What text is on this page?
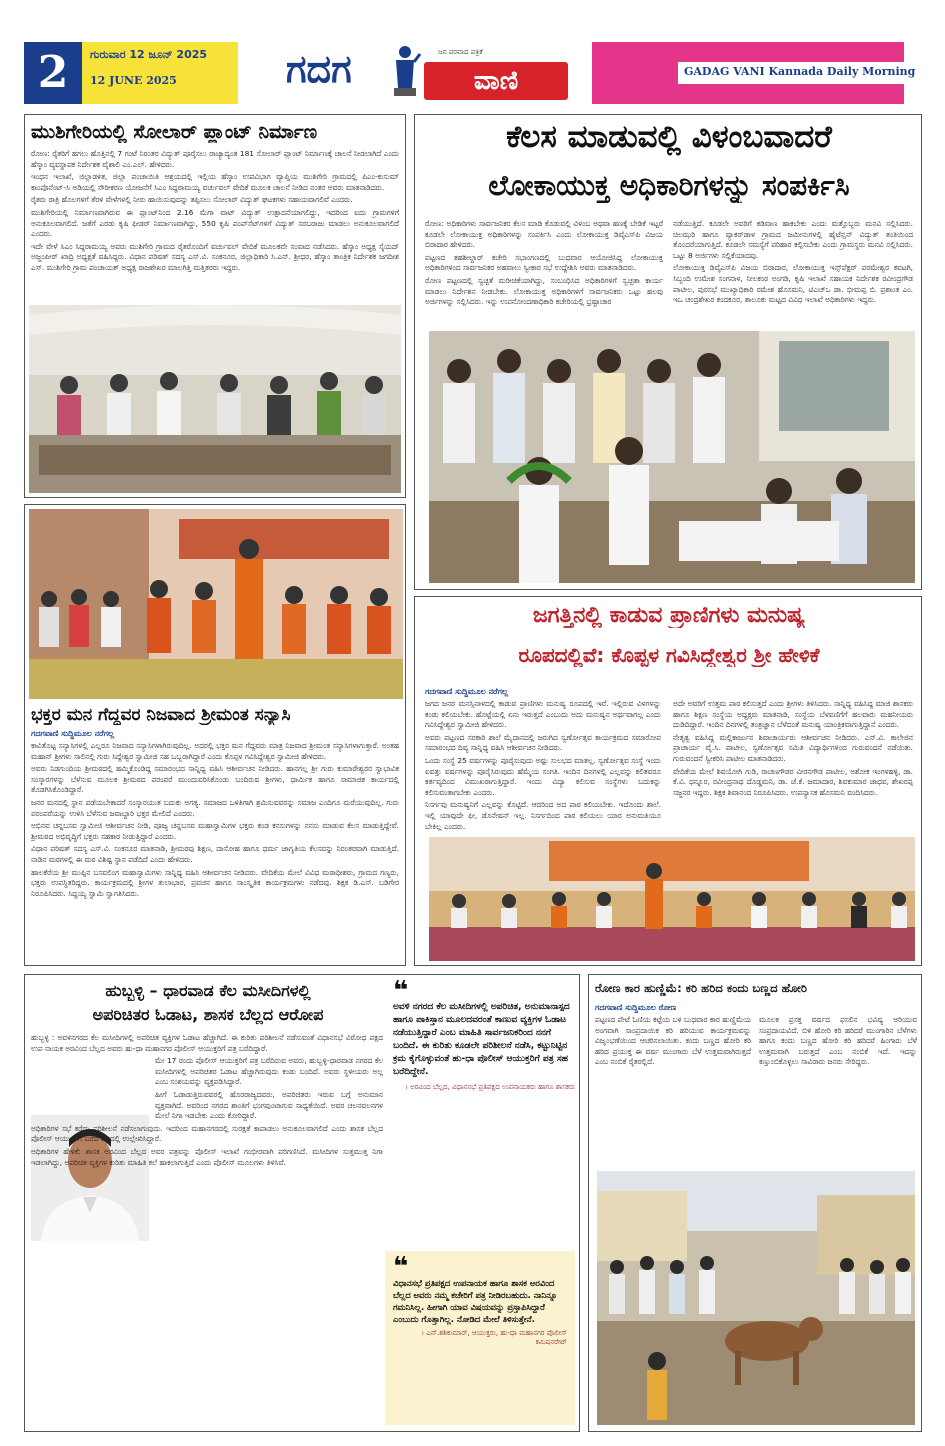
2	ಗುರುವಾರ 12 ಜೂನ್ 2025
12 JUNE 2025	ಗದಗ	ಜನ ಪರವಾದ ಪತ್ರಿಕೆ
ವಾಣಿ	GADAG VANI Kannada Daily Morning
ಮುಶಿಗೇರಿಯಲ್ಲಿ ಸೋಲಾರ್ ಪ್ಲಾಂಟ್ ನಿರ್ಮಾಣ

ರೋಣ: ರೈತರಿಗೆ ಹಗಲು ಹೊತ್ತಿನಲ್ಲಿ 7 ಗಂಟೆ ನಿರಂತರ ವಿದ್ಯುತ್ ಪೂರೈಸಲು ರಾಜ್ಯಾದ್ಯಂತ 181 ಸೋಲಾರ್ ಪ್ಲಾಂಟ್ ನಿರ್ಮಾಣಕ್ಕೆ ಚಾಲನೆ ನೀಡಲಾಗಿದೆ ಎಂದು ಹೆಸ್ಕಾಂ ವ್ಯವಸ್ಥಾಪಕ ನಿರ್ದೇಶಕ ವೈಶಾಲಿ ಎಂ.ಎಲ್. ಹೇಳಿದರು.

ಇಂಧನ ಇಲಾಖೆ, ಜಿಲ್ಲಾಡಳಿತ, ಜಿಲ್ಲಾ ಪಂಚಾಯಿತಿ ಆಶ್ರಯದಲ್ಲಿ ಇಲ್ಲಿಯ ಹೆಸ್ಕಾಂ ಉಪವಿಭಾಗ ವ್ಯಾಪ್ತಿಯ ಮುಶಿಗೇರಿ ಗ್ರಾಮದಲ್ಲಿ ಪಿಎಂ-ಕುಸುಮ್ ಕಾಂಪೊನೆಂಟ್-ಸಿ ಅಡಿಯಲ್ಲಿ ಸೌರೀಕರಣ ಯೋಜನೆಗೆ ಸಿಎಂ ಸಿದ್ದರಾಮಯ್ಯ ವರ್ಚುವಲ್ ವೇದಿಕೆ ಮೂಲಕ ಚಾಲನೆ ನೀಡಿದ ನಂತರ ಅವರು ಮಾತನಾಡಿದರು.

ರೈತರು ರಾತ್ರಿ ಹೊಲಗಳಿಗೆ ತೆರಳಿ ವೇಳೆಗಳಲ್ಲಿ ನೀರು ಹಾಯಿಸುವುದನ್ನು ತಪ್ಪಿಸಲು ಸೋಲಾರ್ ವಿದ್ಯುತ್ ಘಟಕಗಳು ಸಹಾಯವಾಗಲಿವೆ ಎಂದರು.

ಮುಶಿಗೇರಿಯಲ್ಲಿ ನಿರ್ಮಾಣವಾಗಿರುವ ಈ ಪ್ಲಾಂಟ್‌ನಿಂದ 2.16 ಮೆಗಾ ವಾಟ್ ವಿದ್ಯುತ್ ಉತ್ಪಾದನೆಯಾಗಲಿದ್ದು, ಇದರಿಂದ ಐದು ಗ್ರಾಮಗಳಿಗೆ ಅನುಕೂಲವಾಗಲಿದೆ. ಜತೆಗೆ ಎರಡು ಕೃಷಿ ಫೀಡರ್ ನಿರ್ಮಾಣವಾಗಿದ್ದು, 550 ಕೃಷಿ ಪಂಪ್‌ಸೆಟ್‌ಗಳಿಗೆ ವಿದ್ಯುತ್ ಸರಬರಾಜು ಮಾಡಲು ಅನುಕೂಲವಾಗಲಿದೆ ಎಂದರು.

ಇದೇ ವೇಳೆ ಸಿಎಂ ಸಿದ್ದರಾಮಯ್ಯ ಅವರು ಮುಶಿಗೇರಿ ಗ್ರಾಮದ ರೈತರೊಂದಿಗೆ ವರ್ಚುವಲ್ ವೇದಿಕೆ ಮೂಲಕವೇ ಸಂವಾದ ನಡೆಸಿದರು. ಹೆಸ್ಕಾಂ ಅಧ್ಯಕ್ಷ ಸೈಯದ್ ಅಜ್ಜಂಪೀರ್ ಖಾದ್ರಿ ಅಧ್ಯಕ್ಷತೆ ವಹಿಸಿದ್ದರು. ವಿಧಾನ ಪರಿಷತ್ ಸದಸ್ಯ ಎಸ್.ವಿ. ಸಂಕನೂರ, ಜಿಲ್ಲಾಧಿಕಾರಿ ಸಿ.ಎನ್. ಶ್ರೀಧರ, ಹೆಸ್ಕಾಂ ತಾಂತ್ರಿಕ ನಿರ್ದೇಶಕ ಜಗದೀಶ ಎಸ್. ಮುಶಿಗೇರಿ ಗ್ರಾಮ ಪಂಚಾಯತ್ ಅಧ್ಯಕ್ಷ ರಾಜಶೇಖರ ಮಾಲಗಿತ್ತಿ ಮತ್ತಿತರರು ಇದ್ದರು.

ಕೆಲಸ ಮಾಡುವಲ್ಲಿ ವಿಳಂಬವಾದರೆ
ಲೋಕಾಯುಕ್ತ ಅಧಿಕಾರಿಗಳನ್ನು ಸಂಪರ್ಕಿಸಿ

ರೋಣ: ಅಧಿಕಾರಿಗಳು ಸಾರ್ವಜನಿಕರ ಕೆಲಸ ಮಾಡಿ ಕೊಡುವಲ್ಲಿ ವಿಳಂಬ ಅಥವಾ ಹಣಕ್ಕೆ ಬೇಡಿಕೆ ಇಟ್ಟರೆ ಕೂಡಲೇ ಲೋಕಾಯುಕ್ತ ಅಧಿಕಾರಿಗಳನ್ನು ಸಂಪರ್ಕಿಸಿ ಎಂದು ಲೋಕಾಯುಕ್ತ ಡಿವೈಎಸ್‌ಪಿ ವಿಜಯ ಬಿರಾದಾರ ಹೇಳಿದರು.

ಪಟ್ಟಣದ ತಹಶೀಲ್ದಾರ್ ಕಚೇರಿ ಸಭಾಂಗಣದಲ್ಲಿ ಬುಧವಾರ ಆಯೋಜಿಸಿದ್ದ ಲೋಕಾಯುಕ್ತ ಅಧಿಕಾರಿಗಳಿಂದ ಸಾರ್ವಜನಿಕರ ಅಹವಾಲು ಸ್ವೀಕಾರ ಸಭೆ ಉದ್ದೇಶಿಸಿ ಅವರು ಮಾತನಾಡಿದರು.

ರೋಣ ಪಟ್ಟಣದಲ್ಲಿ ಸ್ವಚ್ಛತೆ ಮರೀಚಿಕೆಯಾಗಿದ್ದು, ಸಂಬಂಧಿಸಿದ ಅಧಿಕಾರಿಗಳಿಗೆ ಸ್ವಚ್ಛತಾ ಕಾರ್ಯ ಮಾಡಲು ನಿರ್ದೇಶನ ನೀಡಬೇಕು. ಲೋಕಾಯುಕ್ತ ಅಧಿಕಾರಿಗಳಿಗೆ ಸಾರ್ವಜನಿಕರು ಒಟ್ಟು ಹಲವು ಅರ್ಜಿಗಳನ್ನು ಸಲ್ಲಿಸಿದರು. ಇನ್ನು ಉಪನೋಂದಣಾಧಿಕಾರಿ ಕಚೇರಿಯಲ್ಲಿ ಭ್ರಷ್ಟಾಚಾರ

ನಡೆಯುತ್ತಿದೆ. ಕೂಡಲೇ ಅವರಿಗೆ ಕಡಿವಾಣ ಹಾಕಬೇಕು ಎಂದು ಮತ್ತೊಬ್ಬರು ಮನವಿ ಸಲ್ಲಿಸಿದರು. ಚಿಲಝರಿ ಹಾಗೂ ವ್ಯಾಕರ್‌ಡಾಳ ಗ್ರಾಮದ ಜಮೀನುಗಳಲ್ಲಿ ಹೈಟೆನ್ಷನ್ ವಿದ್ಯುತ್ ತಂತಿಯಿಂದ ತೊಂದರೆಯಾಗುತ್ತಿದೆ. ಕೂಡಲೇ ಸಮಸ್ಯೆಗೆ ಪರಿಹಾರ ಕಲ್ಪಿಸಬೇಕು ಎಂದು ಗ್ರಾಮಸ್ಥರು ಮನವಿ ಸಲ್ಲಿಸಿದರು. ಒಟ್ಟು 8 ಅರ್ಜಿಗಳು ಸಲ್ಲಿಕೆಯಾದವು.

ಲೋಕಾಯುಕ್ತ ಡಿವೈಎಸ್‌ಪಿ ವಿಜಯ ಬಿರಾದಾರ, ಲೋಕಾಯುಕ್ತ ಇನ್ಸ್‌ಪೆಕ್ಟರ್ ಪರಮೇಶ್ವರ ಕವಟಗಿ, ಸಿಬ್ಬಂದಿ ಉಮೇಶ ಸಂಗನಾಳ, ನೀಲಕಂಠ ಅಂಗಡಿ, ಕೃಷಿ ಇಲಾಖೆ ಸಹಾಯಕ ನಿರ್ದೇಶಕ ರವೀಂದ್ರಗೌಡ ಪಾಟೀಲ, ಪುರಸಭೆ ಮುಖ್ಯಾಧಿಕಾರಿ ರಮೇಶ ಹೊಸಮನಿ, ಟಿಎಚ್‌ಒ ಡಾ. ಭೀಮಪ್ಪ ಬಿ. ಪ್ರಶಾಂತ ಎಂ. ಇಒ ಚಂದ್ರಶೇಖರ ಕಂದಕೂರ, ತಾಲೂಕು ಮಟ್ಟದ ವಿವಿಧ ಇಲಾಖೆ ಅಧಿಕಾರಿಗಳು ಇದ್ದರು.

ಭಕ್ತರ ಮನ ಗೆದ್ದವರ ನಿಜವಾದ ಶ್ರೀಮಂತ ಸನ್ಯಾಸಿ
ಗದಗವಾಣಿ ಸುದ್ದಿಮೂಲ ನರೆಗಲ್ಲ

ಕಾವಿತೊಟ್ಟ ಸನ್ಯಾಸಿಗಳಲ್ಲಿ ಎಲ್ಲರೂ ನಿಜವಾದ ಸನ್ಯಾಸಿಗಳಾಗಿರುವುದಿಲ್ಲ. ಅದರಲ್ಲಿ ಭಕ್ತರ ಮನ ಗೆದ್ದವರು ಮಾತ್ರ ನಿಜವಾದ ಶ್ರೀಮಂತ ಸನ್ಯಾಸಿಗಳಾಗುತ್ತಾರೆ. ಅಂತಹ ಮಹಾನ್ ಶ್ರೀಗಳು ಸಾಲಿನಲ್ಲಿ ಗುರು ಸಿದ್ದೇಶ್ವರ ಸ್ವಾಮೀಜಿ ಸಹ ಒಬ್ಬರಾಗಿದ್ದಾರೆ ಎಂದು ಕೊಪ್ಪಳ ಗವಿಸಿದ್ದೇಶ್ವರ ಸ್ವಾಮೀಜಿ ಹೇಳಿದರು.

ಅವರು ನಿಡಗುಂದಿಯ ಶ್ರೀಮಠದಲ್ಲಿ ಹಮ್ಮಿಕೊಂಡಿದ್ದ ಸಮಾರಂಭದ ಸಾನ್ನಿಧ್ಯ ವಹಿಸಿ ಆಶೀರ್ವಚನ ನೀಡಿದರು. ಹಾನಗಲ್ಲ ಶ್ರೀ ಗುರು ಕುಮಾರೇಶ್ವರರ ಸ್ವಾಭಾವಿಕ ಸಂಸ್ಕಾರಗಳನ್ನು ಬೆಳೆಸುವ ಮೂಲಕ ಶ್ರೀಮಠದ ಪರಂಪರೆ ಮುಂದುವರಿಸಿಕೊಂಡು ಬಂದಿರುವ ಶ್ರೀಗಳು, ಧಾರ್ಮಿಕ ಹಾಗೂ ಸಾಮಾಜಿಕ ಕಾರ್ಯದಲ್ಲಿ ತೊಡಗಿಸಿಕೊಂಡಿದ್ದಾರೆ.

ಜನರ ಮನದಲ್ಲಿ ಸ್ಥಾನ ಪಡೆಯಬೇಕಾದರೆ ಸಂಸ್ಕಾರಯುತ ಬದುಕು ಅಗತ್ಯ. ಸಮಾಜದ ಒಳಿತಿಗಾಗಿ ಶ್ರಮಿಸುವವರನ್ನು ಸಮಾಜ ಎಂದಿಗೂ ಮರೆಯುವುದಿಲ್ಲ. ಗುರು ಪರಂಪರೆಯನ್ನು ಉಳಿಸಿ ಬೆಳೆಸುವ ಜವಾಬ್ದಾರಿ ಭಕ್ತರ ಮೇಲಿದೆ ಎಂದರು.

ಅಭಿನವ ಚನ್ನಬಸವ ಸ್ವಾಮೀಜಿ ಆಶೀರ್ವಚನ ನೀಡಿ, ಪೂಜ್ಯ ಚನ್ನಬಸವ ಮಹಾಸ್ವಾಮಿಗಳ ಭಕ್ತರು ಕಂಡ ಕನಸುಗಳನ್ನು ನನಸು ಮಾಡುವ ಕೆಲಸ ಮಾಡುತ್ತಿದ್ದೇವೆ. ಶ್ರೀಮಠದ ಅಭಿವೃದ್ಧಿಗೆ ಭಕ್ತರು ಸಹಕಾರ ನೀಡುತ್ತಿದ್ದಾರೆ ಎಂದರು.

ವಿಧಾನ ಪರಿಷತ್ ಸದಸ್ಯ ಎಸ್.ವಿ. ಸಂಕನೂರ ಮಾತನಾಡಿ, ಶ್ರೀಮಠವು ಶಿಕ್ಷಣ, ದಾಸೋಹ ಹಾಗೂ ಧರ್ಮ ಜಾಗೃತಿಯ ಕೆಲಸವನ್ನು ನಿರಂತರವಾಗಿ ಮಾಡುತ್ತಿದೆ. ನಾಡಿನ ಮಠಗಳಲ್ಲಿ ಈ ಮಠ ವಿಶಿಷ್ಟ ಸ್ಥಾನ ಪಡೆದಿದೆ ಎಂದು ಹೇಳಿದರು.

ಹಾಲಕೆರೆಯ ಶ್ರೀ ಮುಪ್ಪಿನ ಬಸವಲಿಂಗ ಮಹಾಸ್ವಾಮಿಗಳು ಸಾನ್ನಿಧ್ಯ ವಹಿಸಿ ಆಶೀರ್ವಚನ ನೀಡಿದರು. ವೇದಿಕೆಯ ಮೇಲೆ ವಿವಿಧ ಮಠಾಧೀಶರು, ಗ್ರಾಮದ ಗಣ್ಯರು, ಭಕ್ತರು ಉಪಸ್ಥಿತರಿದ್ದರು. ಕಾರ್ಯಕ್ರಮದಲ್ಲಿ ಶ್ರೀಗಳ ತುಲಾಭಾರ, ಪ್ರವಚನ ಹಾಗೂ ಸಾಂಸ್ಕೃತಿಕ ಕಾರ್ಯಕ್ರಮಗಳು ನಡೆದವು. ಶಿಕ್ಷಕ ಡಿ.ಎಸ್. ಬಡಿಗೇರ ನಿರೂಪಿಸಿದರು. ಸಿದ್ದಯ್ಯ ಸ್ವಾಮಿ ಸ್ವಾಗತಿಸಿದರು.

ಜಗತ್ತಿನಲ್ಲಿ ಕಾಡುವ ಪ್ರಾಣಿಗಳು ಮನುಷ್ಯ
ರೂಪದಲ್ಲಿವೆ: ಕೊಪ್ಪಳ ಗವಿಸಿದ್ದೇಶ್ವರ ಶ್ರೀ ಹೇಳಿಕೆ
ಗದಗವಾಣಿ ಸುದ್ದಿಮೂಲ ನರೆಗಲ್ಲ

ಜಗದ ಜನರ ಮನಸ್ಸಿನಾಳದಲ್ಲಿ ಕಾಡುವ ಪ್ರಾಣಿಗಳು ಮನುಷ್ಯ ರೂಪದಲ್ಲಿ ಇವೆ. ಇಲ್ಲಿರುವ ವಿಳಗಳನ್ನು ಕಂಡು ಕಲಿಯಬೇಕು. ಹೊಟ್ಟೆಯಲ್ಲಿ ಏನು ಇರುತ್ತದೆ ಎಂಬುದು ಅದು ಮನುಷ್ಯನ ಅರ್ಥವಾಗಲ್ಲ ಎಂದು ಗವಿಸಿದ್ದೇಶ್ವರ ಸ್ವಾಮೀಜಿ ಹೇಳಿದರು.

ಅವರು ಪಟ್ಟಣದ ಸರಕಾರಿ ಶಾಲೆ ಮೈದಾನದಲ್ಲಿ ಜರುಗಿದ ಸ್ವರ್ಣೋತ್ಸವ ಕಾರ್ಯಕ್ರಮದ ಸಮಾರೋಪ ಸಮಾರಂಭದ ದಿವ್ಯ ಸಾನ್ನಿಧ್ಯ ವಹಿಸಿ ಆಶೀರ್ವಚನ ನೀಡಿದರು.

ಒಂದು ಸಂಸ್ಥೆ 25 ವರ್ಷಗಳನ್ನು ಪೂರೈಸುವುದು ಅಷ್ಟು ಸುಲಭದ ಮಾತಲ್ಲ. ಸ್ವರ್ಣೋತ್ಸವ ಸಂಸ್ಥೆ ಇಂದು ಐವತ್ತು ವರ್ಷಗಳನ್ನು ಪೂರೈಸಿರುವುದು ಹೆಮ್ಮೆಯ ಸಂಗತಿ. ಇಂದಿನ ದಿನಗಳಲ್ಲಿ ಎಲ್ಲವನ್ನು ಕಲಿತವರೂ ಕರ್ತವ್ಯದಿಂದ ವಿಮುಖರಾಗುತ್ತಿದ್ದಾರೆ. ಇಂದು ವಿದ್ಯಾ ಕಲಿಸುವ ಸಂಸ್ಥೆಗಳು ಬದುಕನ್ನು ಕಲಿಸುವಂತಾಗಬೇಕು ಎಂದರು.

ನಿಸರ್ಗವು ಮನುಷ್ಯನಿಗೆ ಎಲ್ಲವನ್ನು ಕೊಟ್ಟಿದೆ. ಆದರಿಂದ ಅದ ಪಾಠ ಕಲಿಯಬೇಕು. ಇದೊಂದು ಶಾಲೆ. ಇಲ್ಲಿ ಯಾವುದೇ ಫೀ, ಡೊನೇಷನ್ ಇಲ್ಲ. ನಿಸರ್ಗದಿಂದ ಪಾಠ ಕಲಿಯಲು ಯಾರ ಅನುಮತಿಯೂ ಬೇಕಿಲ್ಲ ಎಂದರು.

ಅದೇ ಅವರಿಗೆ ಉತ್ತಮ ಪಾಠ ಕಲಿಸುತ್ತದೆ ಎಂದು ಶ್ರೀಗಳು ತಿಳಿಸಿದರು. ಸಾನ್ನಿಧ್ಯ ವಹಿಸಿದ್ದ ಮಾಜಿ ಶಾಸಕರು ಹಾಗೂ ಶಿಕ್ಷಣ ಸಂಸ್ಥೆಯ ಅಧ್ಯಕ್ಷರು ಮಾತನಾಡಿ, ಸಂಸ್ಥೆಯ ಬೆಳವಣಿಗೆಗೆ ಹಲವಾರು ಮಹನೀಯರು ದುಡಿದಿದ್ದಾರೆ. ಇಂದಿನ ದಿನಗಳಲ್ಲಿ ತಂತ್ರಜ್ಞಾನ ಬೆಳೆದಂತೆ ಮನುಷ್ಯ ಯಾಂತ್ರಿಕವಾಗುತ್ತಿದ್ದಾನೆ ಎಂದರು.

ನೇತೃತ್ವ ವಹಿಸಿದ್ದ ಮಲ್ಲಿಕಾರ್ಜುನ ಶಿವಾಚಾರ್ಯರು ಆಶೀರ್ವಚನ ನೀಡಿದರು. ಎಸ್.ವಿ. ಕಾಲೇಜಿನ ಪ್ರಾಚಾರ್ಯ ವೈ.ಸಿ. ಪಾಟೀಲ, ಸ್ವರ್ಣೋತ್ಸವ ಸಮಿತಿ ವಿದ್ಯಾರ್ಥಿಗಳಿಂದ ಗುರುವಂದನೆ ನಡೆಯಿತು. ಗುರುವಂದನೆ ಸ್ವೀಕರಿಸಿ ಪಾಟೀಲ ಮಾತನಾಡಿದರು.

ವೇದಿಕೆಯ ಮೇಲೆ ಶಿವಯೋಗಿ ಗುಡಿ, ರಾಚಣಗೌಡರ ವೀರನಗೌಡ ಪಾಟೀಲ, ಅಶೋಕ ಇಂಗಳಹಳ್ಳಿ, ಡಾ. ಕೆ.ವಿ. ಧನ್ನೂರ, ರವೀಂದ್ರನಾಥ ದೊಡ್ಡಮನಿ, ಡಾ. ಜೆ.ಕೆ. ಜಮಾದಾರ, ಶಿವಕುಮಾರ ಜಾಧವ, ಶೇಖರಪ್ಪ ಸಜ್ಜನರ ಇದ್ದರು. ಶಿಕ್ಷಕ ಶಿವಾನಂದ ನಿರೂಪಿಸಿದರು. ಉಪನ್ಯಾಸಕ ಹೊಸಮನಿ ವಂದಿಸಿದರು.

ಹುಬ್ಬಳ್ಳಿ – ಧಾರವಾಡ ಕೆಲ ಮಸೀದಿಗಳಲ್ಲಿ
ಅಪರಿಚಿತರ ಓಡಾಟ, ಶಾಸಕ ಬೆಲ್ಲದ ಆರೋಪ

ಹುಬ್ಬಳ್ಳಿ : ಅವಳಿನಗರದ ಕೆಲ ಮಸೀದಿಗಳಲ್ಲಿ ಅಪರಿಚಿತ ವ್ಯಕ್ತಿಗಳ ಓಡಾಟ ಹೆಚ್ಚಾಗಿದೆ. ಈ ಕುರಿತು ಪರಿಶೀಲನೆ ನಡೆಸುವಂತೆ ವಿಧಾನಸಭೆ ವಿರೋಧ ಪಕ್ಷದ ಉಪ ನಾಯಕ ಅರವಿಂದ ಬೆಲ್ಲದ ಅವರು ಹು-ಧಾ ಮಹಾನಗರ ಪೊಲೀಸ್ ಆಯುಕ್ತರಿಗೆ ಪತ್ರ ಬರೆದಿದ್ದಾರೆ.

ಮೇ 17 ರಂದು ಪೊಲೀಸ್ ಆಯುಕ್ತರಿಗೆ ಪತ್ರ ಬರೆದಿರುವ ಅವರು, ಹುಬ್ಬಳ್ಳಿ-ಧಾರವಾಡ ನಗರದ ಕೆಲ ಮಸೀದಿಗಳಲ್ಲಿ ಅಪರಿಚಿತರ ಓಡಾಟ ಹೆಚ್ಚಾಗಿರುವುದು ಕಂಡು ಬಂದಿದೆ. ಅವರು ಸ್ಥಳೀಯರು ಅಲ್ಲ ಎಂಬ ಸಂಶಯವನ್ನು ವ್ಯಕ್ತಪಡಿಸಿದ್ದಾರೆ.

ಹೀಗೆ ಓಡಾಡುತ್ತಿರುವವರಲ್ಲಿ ಹೊರರಾಜ್ಯದವರು, ಅಪರಿಚಿತರು ಇರುವ ಬಗ್ಗೆ ಅನುಮಾನ ವ್ಯಕ್ತವಾಗಿದೆ. ಅವರಿಂದ ನಗರದ ಶಾಂತಿಗೆ ಭಂಗವುಂಟಾಗುವ ಸಾಧ್ಯತೆಯಿದೆ. ಅವರ ಚಲನವಲನಗಳ ಮೇಲೆ ನಿಗಾ ಇಡಬೇಕು ಎಂದು ಕೋರಿದ್ದಾರೆ.

ಅಧಿಕಾರಿಗಳ ಸಭೆ ಕರೆದು ಪರಿಶೀಲನೆ ನಡೆಸಲಾಗುವುದು. ಇದರಿಂದ ಮಹಾನಗರದಲ್ಲಿ ಸುರಕ್ಷತೆ ಕಾಪಾಡಲು ಅನುಕೂಲವಾಗಲಿದೆ ಎಂದು ಶಾಸಕ ಬೆಲ್ಲದ ಪೊಲೀಸ್ ಆಯುಕ್ತರಿಗೆ ಬರೆದ ಪತ್ರದಲ್ಲಿ ಉಲ್ಲೇಖಿಸಿದ್ದಾರೆ.

ಅಧಿಕಾರಿಗಳ ಹೇಳಿಕೆ: ಶಾಸಕ ಅರವಿಂದ ಬೆಲ್ಲದ ಅವರ ಪತ್ರವನ್ನು ಪೊಲೀಸ್ ಇಲಾಖೆ ಗಂಭೀರವಾಗಿ ಪರಿಗಣಿಸಿದೆ. ಮಸೀದಿಗಳ ಸುತ್ತಮುತ್ತ ನಿಗಾ ಇಡಲಾಗಿದ್ದು, ಅಪರಿಚಿತ ವ್ಯಕ್ತಿಗಳ ಕುರಿತು ಮಾಹಿತಿ ಕಲೆ ಹಾಕಲಾಗುತ್ತಿದೆ ಎಂದು ಪೊಲೀಸ್ ಮೂಲಗಳು ತಿಳಿಸಿವೆ.

❝
ಅವಳಿ ನಗರದ ಕೆಲ ಮಸೀದಿಗಳಲ್ಲಿ ಅಪರಿಚಿತ, ಅನುಮಾನಾಸ್ಪದ ಹಾಗೂ ಪಾಕಿಸ್ತಾನ ಮೂಲದವರಂತೆ ಕಾಣುವ ವ್ಯಕ್ತಿಗಳ ಓಡಾಟ ನಡೆಯುತ್ತಿದ್ದಾರೆ ಎಂಬ ಮಾಹಿತಿ ಸಾರ್ವಜನಿಕರಿಂದ ನನಗೆ ಬಂದಿದೆ. ಈ ಕುರಿತು ಕೂಡಲೇ ಪರಿಶೀಲನೆ ನಡೆಸಿ, ಕಟ್ಟುನಿಟ್ಟಿನ ಕ್ರಮ ಕೈಗೊಳ್ಳುವಂತೆ ಹು-ಧಾ ಪೊಲೀಸ್ ಆಯುಕ್ತರಿಗೆ ಪತ್ರ ಸಹ ಬರೆದಿದ್ದೇನೆ.
। ಅರವಿಂದ ಬೆಲ್ಲದ, ವಿಧಾನಸಭೆ ಪ್ರತಿಪಕ್ಷದ ಉಪನಾಯಕರು ಹಾಗೂ ಶಾಸಕರು
❝
ವಿಧಾನಸಭೆ ಪ್ರತಿಪಕ್ಷದ ಉಪನಾಯಕ ಹಾಗೂ ಶಾಸಕ ಅರವಿಂದ ಬೆಲ್ಲದ ಅವರು ನಮ್ಮ ಕಚೇರಿಗೆ ಪತ್ರ ನೀಡಿರಬಹುದು. ನಾನಿನ್ನೂ ಗಮನಿಸಿಲ್ಲ. ಹೀಗಾಗಿ ಯಾವ ವಿಷಯವನ್ನು ಪ್ರಸ್ತಾಪಿಸಿದ್ದಾರೆ ಎಂಬುದು ಗೊತ್ತಾಗಿಲ್ಲ. ನೋಡಿದ ಮೇಲೆ ತಿಳಿಸುತ್ತೇನೆ.
। ಎನ್.ಶಶಿಕುಮಾರ್, ಆಯುಕ್ತರು, ಹು-ಧಾ ಮಹಾನಗರ ಪೊಲೀಸ್ ಕಮಿಷನರೇಟ್
ರೋಣ ಕಾರ ಹುಣ್ಣಿಮೆ: ಕರಿ ಹರಿದ ಕಂದು ಬಣ್ಣದ ಹೋರಿ
ಗದಗವಾಣಿ ಸುದ್ದಿಮೂಲ ರೋಣ

ಪಟ್ಟಣದ ಪೇಟೆ ಓಣಿಯ ಕಟ್ಟೆಯ ಬಳಿ ಬುಧವಾರ ಕಾರ ಹುಣ್ಣಿಮೆಯ ಅಂಗವಾಗಿ ಸಾಂಪ್ರದಾಯಿಕ ಕರಿ ಹರಿಯುವ ಕಾರ್ಯಕ್ರಮವನ್ನು ವಿಜೃಂಭಣೆಯಿಂದ ಆಚರಿಸಲಾಯಿತು. ಕಂದು ಬಣ್ಣದ ಹೋರಿ ಕರಿ ಹರಿದ ಪ್ರಯುಕ್ತ ಈ ವರ್ಷ ಮುಂಗಾರು ಬೆಳೆ ಉತ್ತಮವಾಗಿರುತ್ತದೆ ಎಂಬ ನಂಬಿಕೆ ರೈತರಲ್ಲಿದೆ.

ಮೂಲಕ ಪ್ರಸಕ್ತ ವರ್ಷದ ಫಸಲಿನ ಭವಿಷ್ಯ ಅರಿಯುವ ಸಂಪ್ರದಾಯವಿದೆ. ಬಿಳಿ ಹೋರಿ ಕರಿ ಹರಿದರೆ ಮುಂಗಾರಿನ ಬೆಳೆಗಳು ಹಾಗೂ ಕಂದು ಬಣ್ಣದ ಹೋರಿ ಕರಿ ಹರಿದರೆ ಹಿಂಗಾರು ಬೆಳೆ ಉತ್ತಮವಾಗಿ ಬರುತ್ತದೆ ಎಂಬ ನಂಬಿಕೆ ಇದೆ. ಇದನ್ನು ಕಣ್ತುಂಬಿಕೊಳ್ಳಲು ಸಾವಿರಾರು ಜನರು ಸೇರಿದ್ದರು.
